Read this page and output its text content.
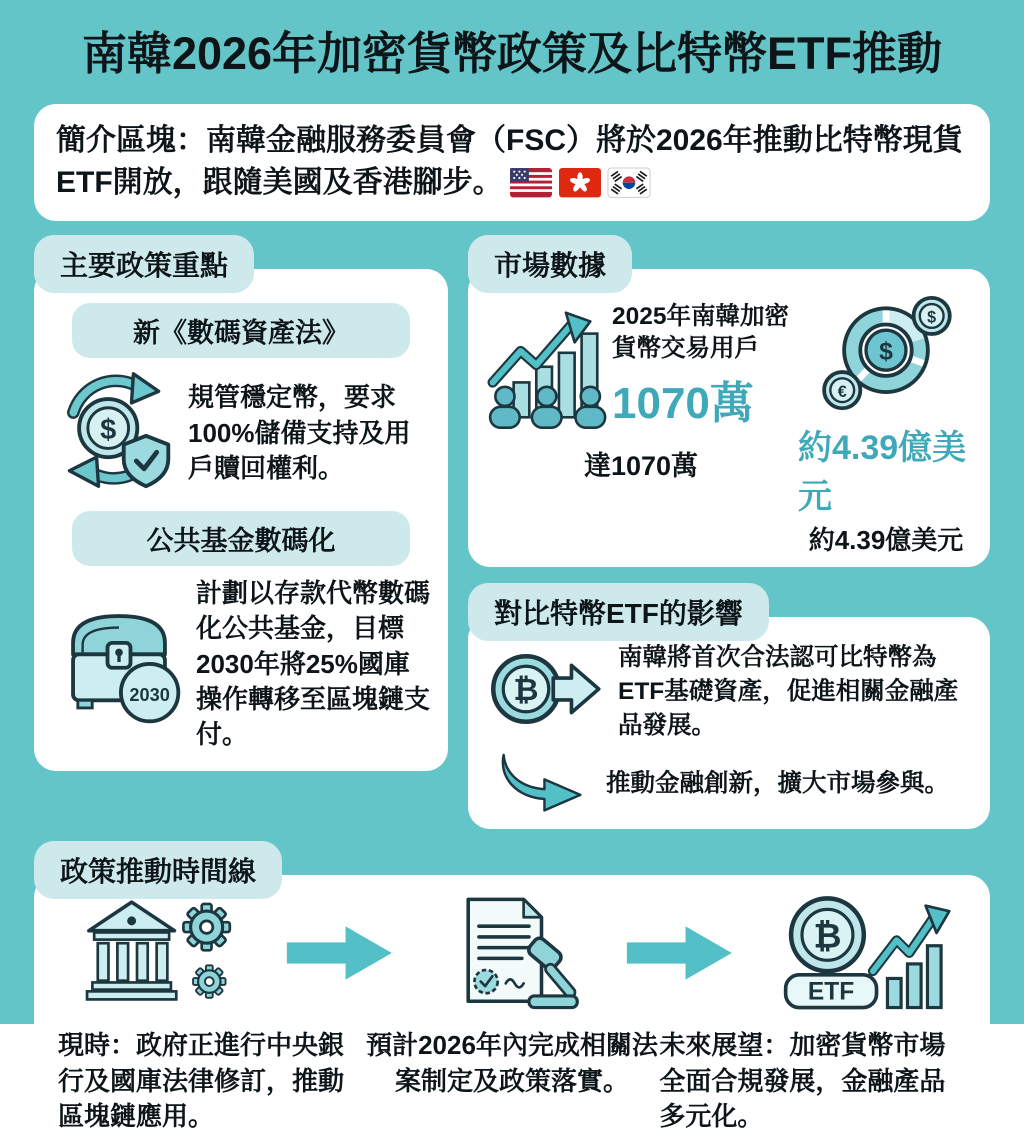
南韓2026年加密貨幣政策及比特幣ETF推動
簡介區塊：南韓金融服務委員會（FSC）將於2026年推動比特幣現貨ETF開放，跟隨美國及香港腳步。
主要政策重點
新《數碼資產法》
$
規管穩定幣，要求100%儲備支持及用戶贖回權利。
公共基金數碼化
2030
計劃以存款代幣數碼化公共基金，目標2030年將25%國庫操作轉移至區塊鏈支付。
市場數據
2025年南韓加密貨幣交易用戶
1070萬
達1070萬
$
$
€
約4.39億美元
約4.39億美元
對比特幣ETF的影響
₿
南韓將首次合法認可比特幣為ETF基礎資產，促進相關金融產品發展。
推動金融創新，擴大市場參與。
政策推動時間線
₿
ETF
現時：政府正進行中央銀行及國庫法律修訂，推動區塊鏈應用。
預計2026年內完成相關法案制定及政策落實。
未來展望：加密貨幣市場全面合規發展，金融產品多元化。
